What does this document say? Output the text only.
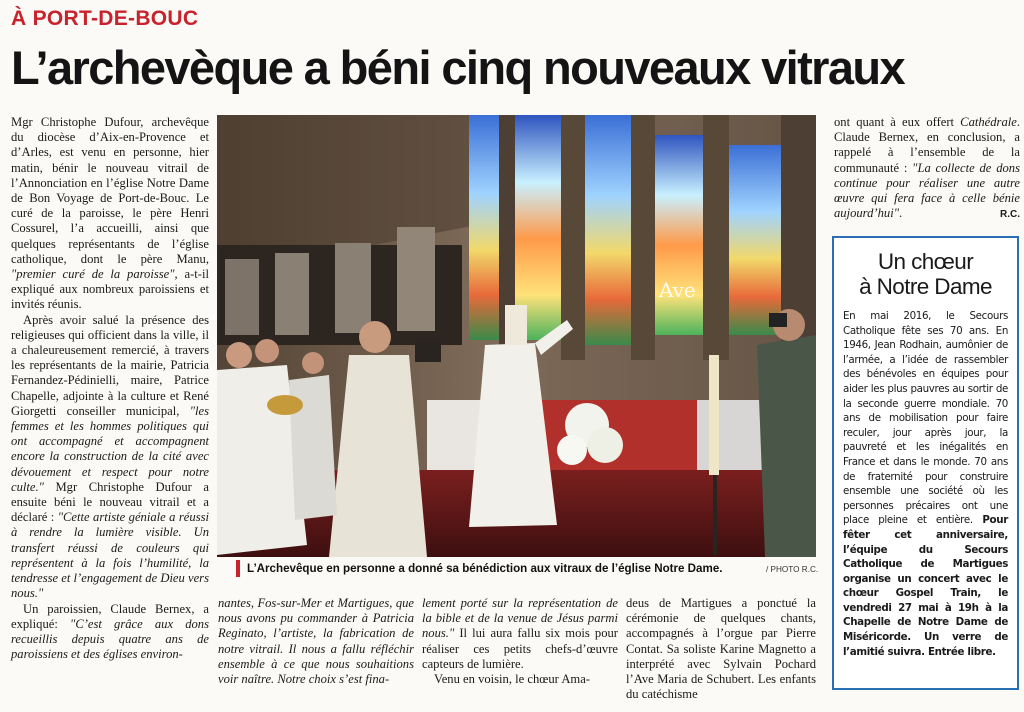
À PORT-DE-BOUC
L’archevèque a béni cinq nouveaux vitraux

Mgr Christophe Dufour, archevêque du diocèse d’Aix-en-Provence et d’Arles, est venu en personne, hier matin, bénir le nouveau vitrail de l’Annonciation en l’église Notre Dame de Bon Voyage de Port-de-Bouc. Le curé de la paroisse, le père Henri Cossurel, l’a accueilli, ainsi que quelques représentants de l’église catholique, dont le père Manu, "premier curé de la paroisse", a-t-il expliqué aux nombreux paroissiens et invités réunis.

Après avoir salué la présence des religieuses qui officient dans la ville, il a chaleureusement remercié, à travers les représentants de la mairie, Patricia Fernandez-Pédinielli, maire, Patrice Chapelle, adjointe à la culture et René Giorgetti conseiller municipal, "les femmes et les hommes politiques qui ont accompagné et accompagnent encore la construction de la cité avec dévouement et respect pour notre culte." Mgr Christophe Dufour a ensuite béni le nouveau vitrail et a déclaré : "Cette artiste géniale a réussi à rendre la lumière visible. Un transfert réussi de couleurs qui représentent à la fois l’humilité, la tendresse et l’engagement de Dieu vers nous."

Un paroissien, Claude Bernex, a expliqué: "C’est grâce aux dons recueillis depuis quatre ans de paroissiens et des églises environ-

Ave
L’Archevêque en personne a donné sa bénédiction aux vitraux de l’église Notre Dame.	/ PHOTO R.C.

nantes, Fos-sur-Mer et Martigues, que nous avons pu commander à Patricia Reginato, l’artiste, la fabrication de notre vitrail. Il nous a fallu réfléchir ensemble à ce que nous souhaitions voir naître. Notre choix s’est fina-

lement porté sur la représentation de la bible et de la venue de Jésus parmi nous." Il lui aura fallu six mois pour réaliser ces petits chefs-d’œuvre capteurs de lumière.

Venu en voisin, le chœur Ama-

deus de Martigues a ponctué la cérémonie de quelques chants, accompagnés à l’orgue par Pierre Contat. Sa soliste Karine Magnetto a interprété avec Sylvain Pochard l’Ave Maria de Schubert. Les enfants du catéchisme

ont quant à eux offert Cathédrale. Claude Bernex, en conclusion, a rappelé à l’ensemble de la communauté : "La collecte de dons continue pour réaliser une autre œuvre qui fera face à celle bénie aujourd’hui".	R.C.

Un chœur
à Notre Dame
En mai 2016, le Secours Catholique fête ses 70 ans. En 1946, Jean Rodhain, aumônier de l’armée, a l’idée de rassembler des bénévoles en équipes pour aider les plus pauvres au sortir de la seconde guerre mondiale. 70 ans de mobilisation pour faire reculer, jour après jour, la pauvreté et les inégalités en France et dans le monde. 70 ans de fraternité pour construire ensemble une société où les personnes précaires ont une place pleine et entière. Pour fêter cet anniversaire, l’équipe du Secours Catholique de Martigues organise un concert avec le chœur Gospel Train, le vendredi 27 mai à 19h à la Chapelle de Notre Dame de Miséricorde. Un verre de l’amitié suivra. Entrée libre.
